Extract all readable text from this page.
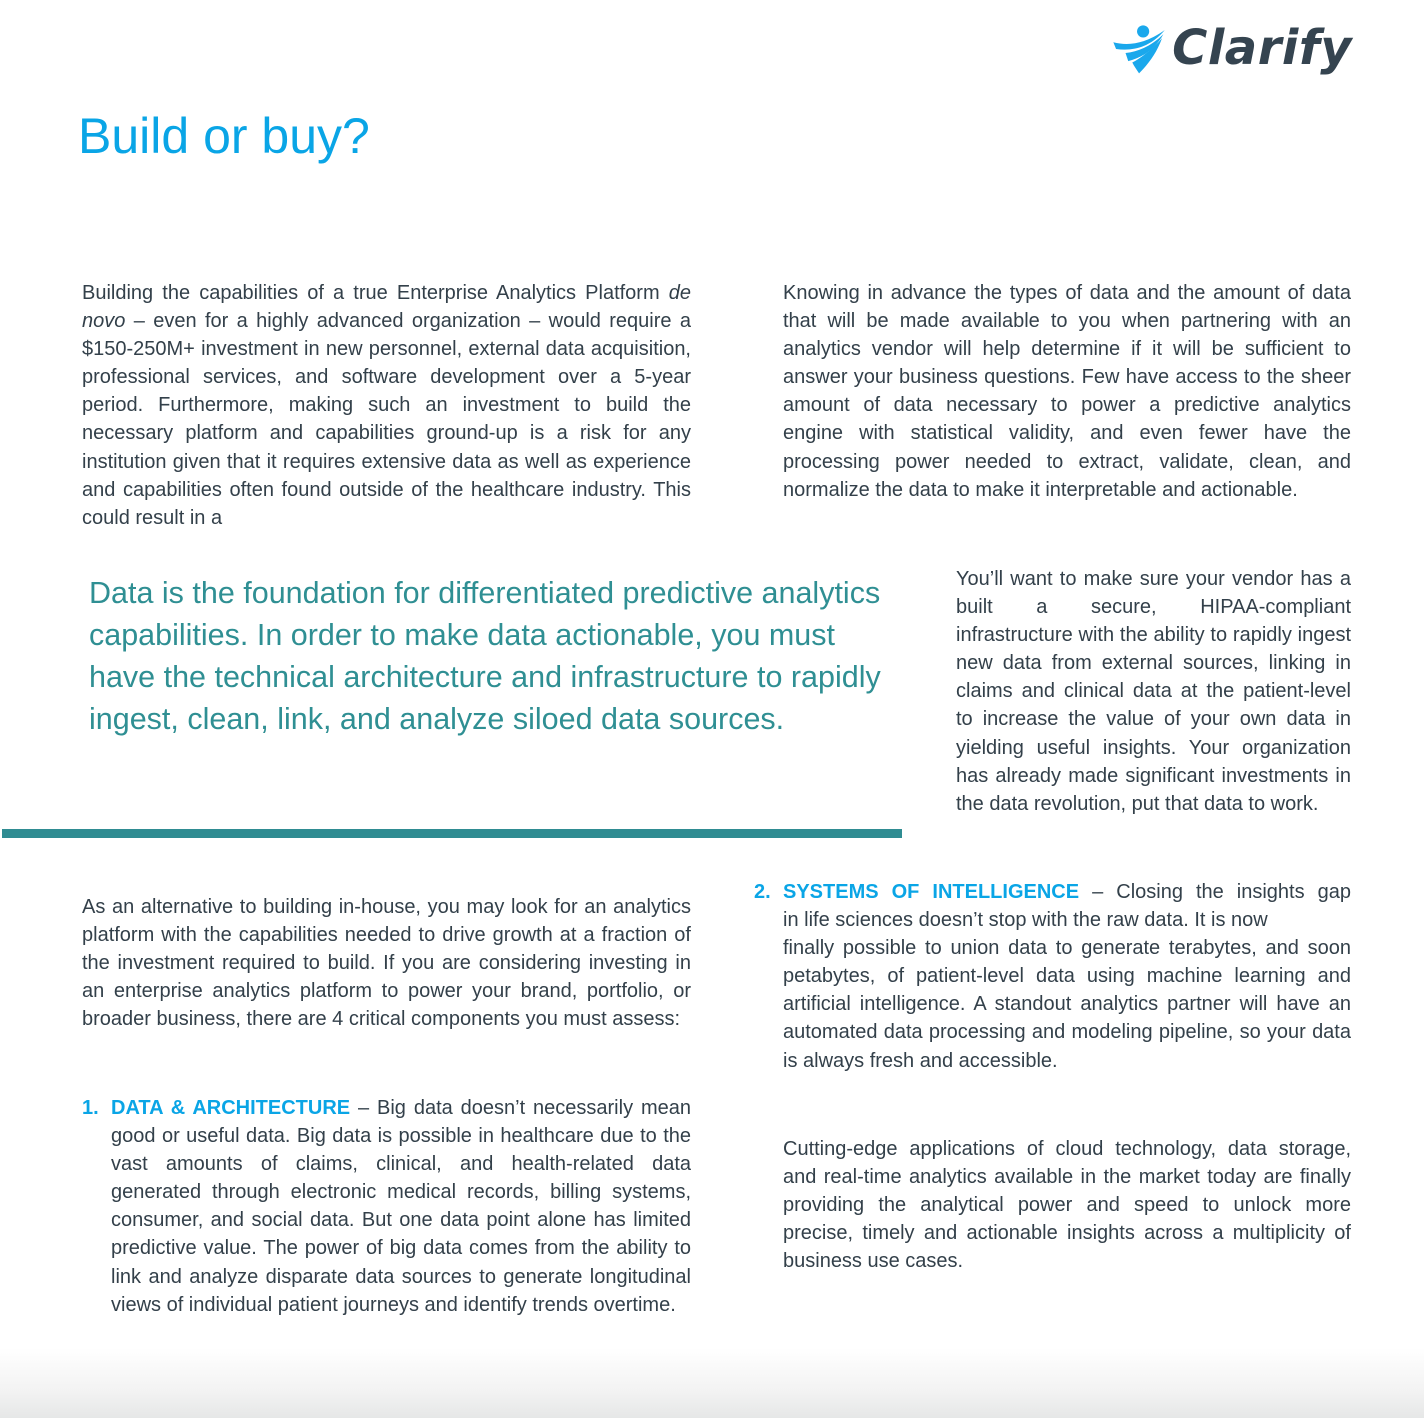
Clarify
Build or buy?

Building the capabilities of a true Enterprise Analytics Platform de novo – even for a highly advanced organization – would require a $150-250M+ investment in new personnel, external data acquisition, professional services, and software development over a 5-year period. Furthermore, making such an investment to build the necessary platform and capabilities ground-up is a risk for any institution given that it requires extensive data as well as experience and capabilities often found outside of the healthcare industry. This could result in a

Knowing in advance the types of data and the amount of data that will be made available to you when partnering with an analytics vendor will help determine if it will be sufficient to answer your business questions. Few have access to the sheer amount of data necessary to power a predictive analytics engine with statistical validity, and even fewer have the processing power needed to extract, validate, clean, and normalize the data to make it interpretable and actionable.

Data is the foundation for differentiated predictive analytics capabilities. In order to make data actionable, you must have the technical architecture and infrastructure to rapidly ingest, clean, link, and analyze siloed data sources.

You’ll want to make sure your vendor has a built a secure, HIPAA-compliant infrastructure with the ability to rapidly ingest new data from external sources, linking in claims and clinical data at the patient-level to increase the value of your own data in yielding useful insights. Your organization has already made significant investments in the data revolution, put that data to work.

As an alternative to building in-house, you may look for an analytics platform with the capabilities needed to drive growth at a fraction of the investment required to build. If you are considering investing in an enterprise analytics platform to power your brand, portfolio, or broader business, there are 4 critical components you must assess:

1. DATA & ARCHITECTURE – Big data doesn’t necessarily mean good or useful data. Big data is possible in healthcare due to the vast amounts of claims, clinical, and health-related data generated through electronic medical records, billing systems, consumer, and social data. But one data point alone has limited predictive value. The power of big data comes from the ability to link and analyze disparate data sources to generate longitudinal views of individual patient journeys and identify trends overtime.
2. SYSTEMS OF INTELLIGENCE – Closing the insights gap
in life sciences doesn’t stop with the raw data. It is now
finally possible to union data to generate terabytes, and soon petabytes, of patient-level data using machine learning and artificial intelligence. A standout analytics partner will have an automated data processing and modeling pipeline, so your data is always fresh and accessible.

Cutting-edge applications of cloud technology, data storage, and real-time analytics available in the market today are finally providing the analytical power and speed to unlock more precise, timely and actionable insights across a multiplicity of business use cases.
